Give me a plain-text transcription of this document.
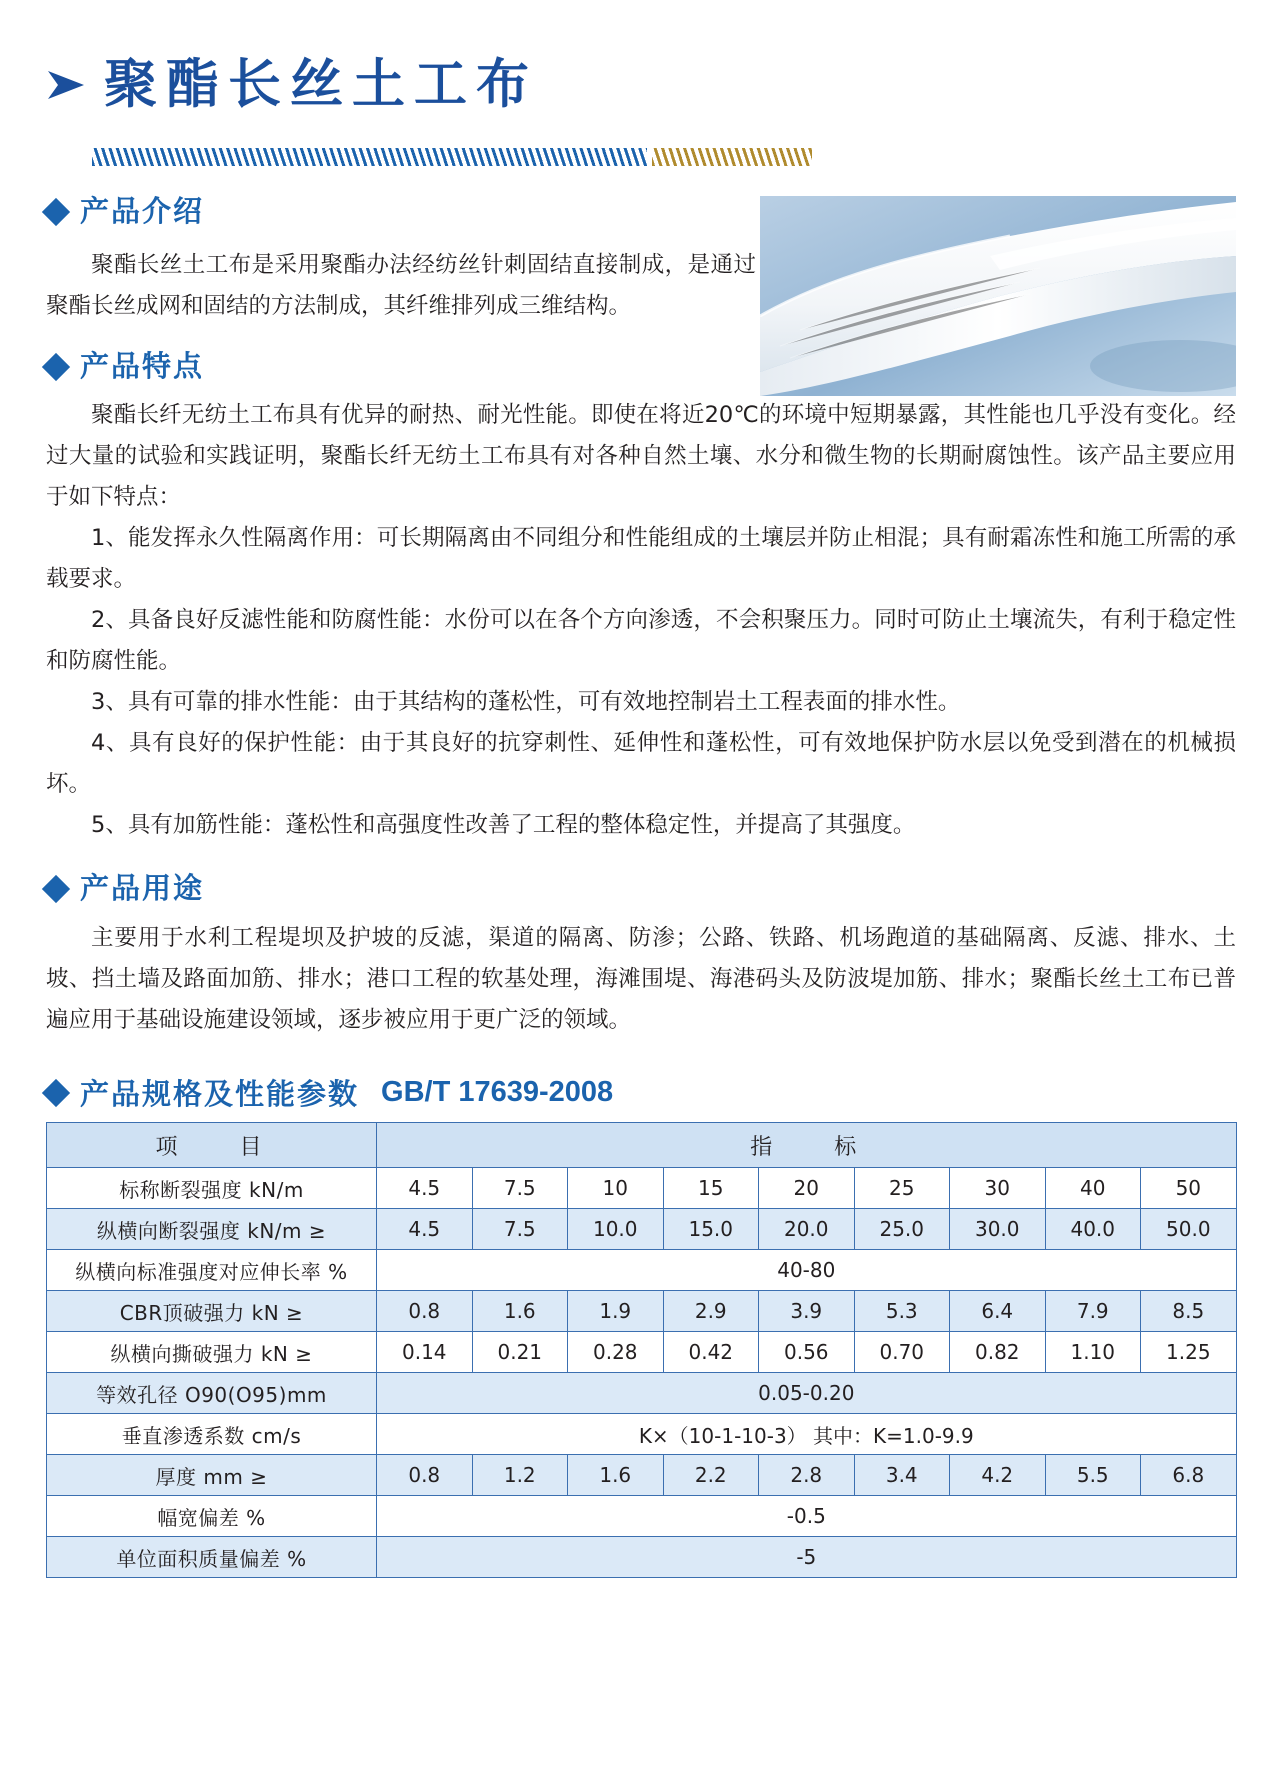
聚酯长丝土工布
产品介绍

聚酯长丝土工布是采用聚酯办法经纺丝针刺固结直接制成，是通过聚酯长丝成网和固结的方法制成，其纤维排列成三维结构。

产品特点

聚酯长纤无纺土工布具有优异的耐热、耐光性能。即使在将近20℃的环境中短期暴露，其性能也几乎没有变化。经过大量的试验和实践证明，聚酯长纤无纺土工布具有对各种自然土壤、水分和微生物的长期耐腐蚀性。该产品主要应用于如下特点：

1、能发挥永久性隔离作用：可长期隔离由不同组分和性能组成的土壤层并防止相混；具有耐霜冻性和施工所需的承载要求。

2、具备良好反滤性能和防腐性能：水份可以在各个方向渗透，不会积聚压力。同时可防止土壤流失，有利于稳定性和防腐性能。

3、具有可靠的排水性能：由于其结构的蓬松性，可有效地控制岩土工程表面的排水性。

4、具有良好的保护性能：由于其良好的抗穿刺性、延伸性和蓬松性，可有效地保护防水层以免受到潜在的机械损坏。

5、具有加筋性能：蓬松性和高强度性改善了工程的整体稳定性，并提高了其强度。

产品用途

主要用于水利工程堤坝及护坡的反滤，渠道的隔离、防渗；公路、铁路、机场跑道的基础隔离、反滤、排水、土坡、挡土墙及路面加筋、排水；港口工程的软基处理，海滩围堤、海港码头及防波堤加筋、排水；聚酯长丝土工布已普遍应用于基础设施建设领域，逐步被应用于更广泛的领域。

产品规格及性能参数 GB/T 17639-2008
项　　目	指　　标								
标称断裂强度 kN/m	4.5	7.5	10	15	20	25	30	40	50
纵横向断裂强度 kN/m ≥	4.5	7.5	10.0	15.0	20.0	25.0	30.0	40.0	50.0
纵横向标准强度对应伸长率 %	40-80								
CBR顶破强力 kN ≥	0.8	1.6	1.9	2.9	3.9	5.3	6.4	7.9	8.5
纵横向撕破强力 kN ≥	0.14	0.21	0.28	0.42	0.56	0.70	0.82	1.10	1.25
等效孔径 O90(O95)mm	0.05-0.20								
垂直渗透系数 cm/s	K×（10-1-10-3） 其中：K=1.0-9.9								
厚度 mm ≥	0.8	1.2	1.6	2.2	2.8	3.4	4.2	5.5	6.8
幅宽偏差 %	-0.5								
单位面积质量偏差 %	-5								
